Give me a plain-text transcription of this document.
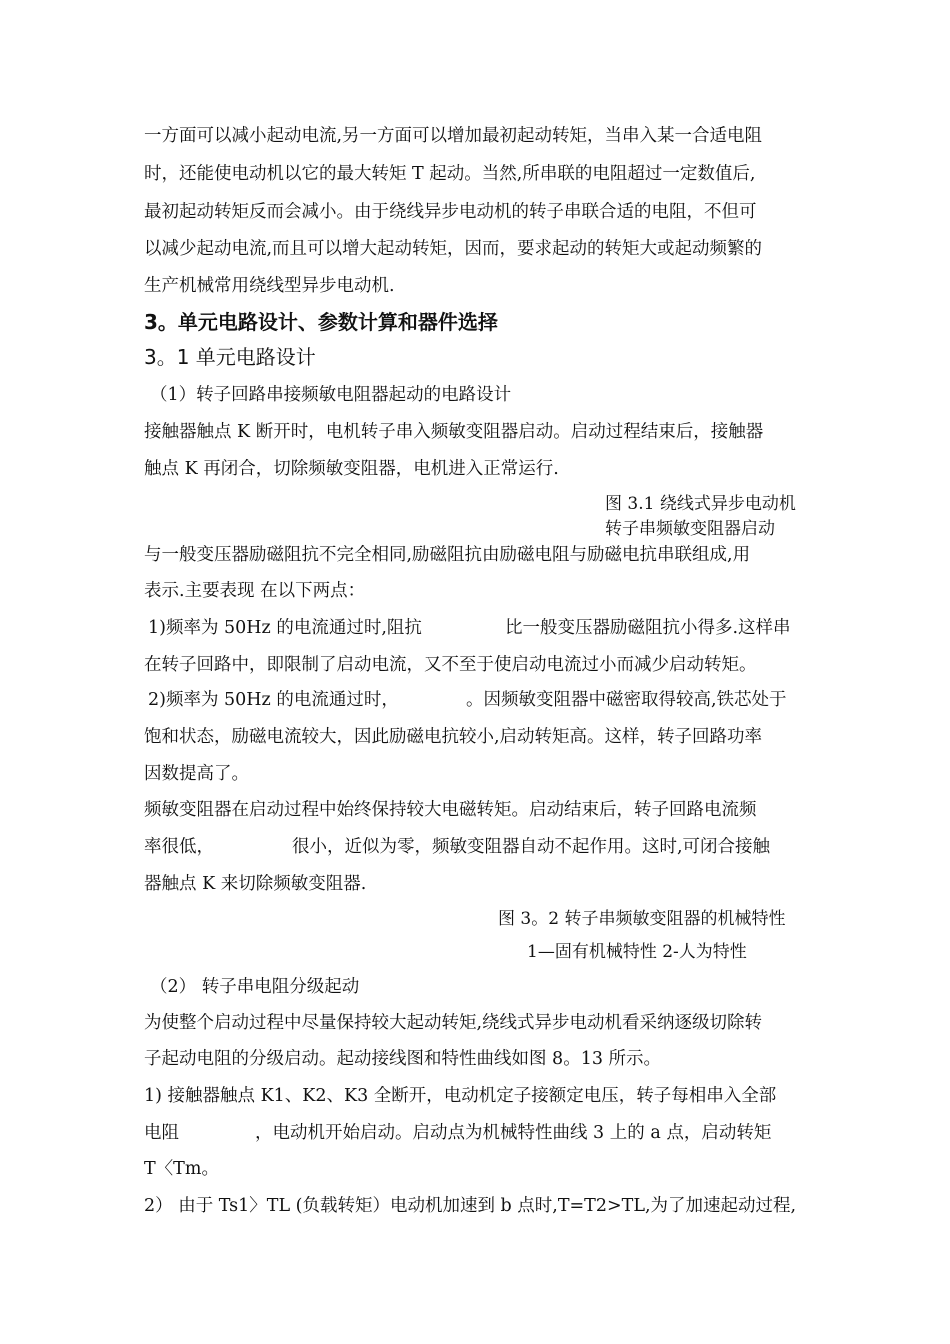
一方面可以减小起动电流,另一方面可以增加最初起动转矩，当串入某一合适电阻
时，还能使电动机以它的最大转矩 T 起动。当然,所串联的电阻超过一定数值后,
最初起动转矩反而会减小。由于绕线异步电动机的转子串联合适的电阻，不但可
以减少起动电流,而且可以增大起动转矩，因而，要求起动的转矩大或起动频繁的
生产机械常用绕线型异步电动机.
3。单元电路设计、参数计算和器件选择
3。1 单元电路设计
（1）转子回路串接频敏电阻器起动的电路设计
接触器触点 K 断开时，电机转子串入频敏变阻器启动。启动过程结束后，接触器
触点 K 再闭合，切除频敏变阻器，电机进入正常运行.
图 3.1 绕线式异步电动机
转子串频敏变阻器启动
与一般变压器励磁阻抗不完全相同,励磁阻抗由励磁电阻与励磁电抗串联组成,用
表示.主要表现 在以下两点：
1)频率为 50Hz 的电流通过时,阻抗	比一般变压器励磁阻抗小得多.这样串
在转子回路中，即限制了启动电流，又不至于使启动电流过小而减少启动转矩。
2)频率为 50Hz 的电流通过时，	。因频敏变阻器中磁密取得较高,铁芯处于
饱和状态，励磁电流较大，因此励磁电抗较小,启动转矩高。这样，转子回路功率
因数提高了。
频敏变阻器在启动过程中始终保持较大电磁转矩。启动结束后，转子回路电流频
率很低，	很小，近似为零，频敏变阻器自动不起作用。这时,可闭合接触
器触点 K 来切除频敏变阻器.
图 3。2 转子串频敏变阻器的机械特性
1—固有机械特性 2-人为特性
（2） 转子串电阻分级起动
为使整个启动过程中尽量保持较大起动转矩,绕线式异步电动机看采纳逐级切除转
子起动电阻的分级启动。起动接线图和特性曲线如图 8。13 所示。
1) 接触器触点 K1、K2、K3 全断开，电动机定子接额定电压，转子每相串入全部
电阻	，电动机开始启动。启动点为机械特性曲线 3 上的 a 点，启动转矩
T〈Tm。
2） 由于 Ts1〉TL (负载转矩）电动机加速到 b 点时,T=T2>TL,为了加速起动过程,
